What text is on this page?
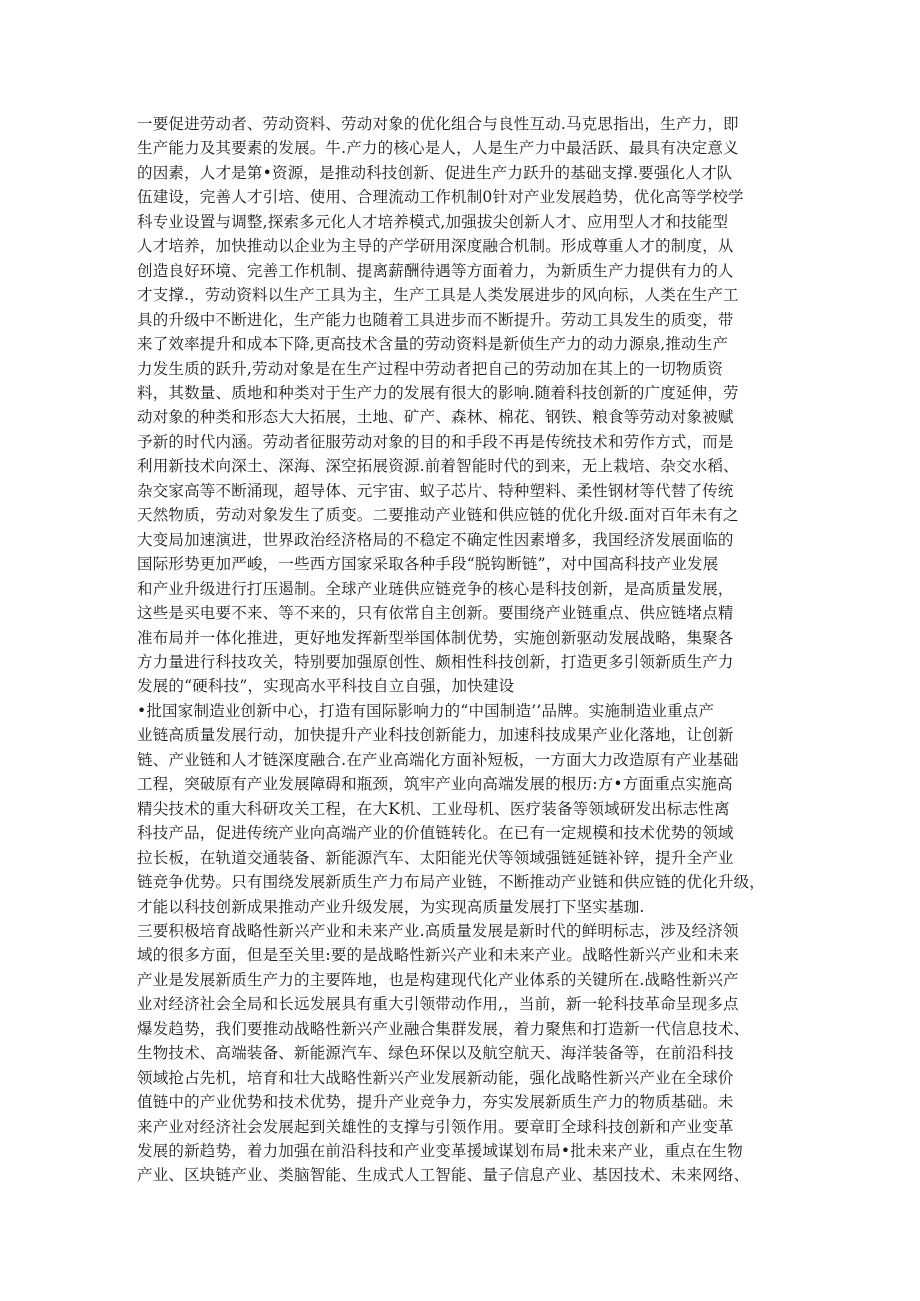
一要促进劳动者、劳动资料、劳动对象的优化组合与良性互动.马克思指出，生产力，即
生产能力及其要素的发展。牛.产力的核心是人，人是生产力中最活跃、最具有决定意义
的因素，人才是第•资源，是推动科技创新、促进生产力跃升的基础支撑.要强化人才队
伍建设，完善人才引培、使用、合理流动工作机制0针对产业发展趋势，优化高等学校学
科专业设置与调整,探索多元化人才培养模式,加强拔尖创新人才、应用型人才和技能型
人才培养，加快推动以企业为主导的产学研用深度融合机制。形成尊重人才的制度，从
创造良好环境、完善工作机制、提离薪酬待遇等方面着力，为新质生产力提供有力的人
才支撑.，劳动资料以生产工具为主，生产工具是人类发展进步的风向标，人类在生产工
具的升级中不断进化，生产能力也随着工具进步而不断提升。劳动工具发生的质变，带
来了效率提升和成本下降,更高技术含量的劳动资料是新侦生产力的动力源泉,推动生产
力发生质的跃升,劳动对象是在生产过程中劳动者把自己的劳动加在其上的一切物质资
料，其数量、质地和种类对于生产力的发展有很大的影响.随着科技创新的广度延伸，劳
动对象的种类和形态大大拓展，土地、矿产、森林、棉花、钢铁、粮食等劳动对象被赋
予新的时代内涵。劳动者征服劳动对象的目的和手段不再是传统技术和劳作方式，而是
利用新技术向深土、深海、深空拓展资源.前着智能时代的到来，无上栽培、杂交水稻、
杂交家高等不断涌现，超导体、元宇宙、蚁子芯片、特种塑料、柔性钢材等代替了传统
天然物质，劳动对象发生了质变。二要推动产业链和供应链的优化升级.面对百年未有之
大变局加速演进，世界政治经济格局的不稳定不确定性因素增多，我国经济发展面临的
国际形势更加严峻，一些西方国家采取各种手段“脱钩断链”，对中国高科技产业发展
和产业升级进行打压遏制。全球产业琏供应链竞争的核心是科技创新，是高质量发展，
这些是买电要不来、等不来的，只有依常自主创新。要围绕产业链重点、供应链堵点精
准布局并一体化推进，更好地发挥新型举国体制优势，实施创新驱动发展战略，集聚各
方力量进行科技攻关，特别要加强原创性、颇相性科技创新，打造更多引领新质生产力
发展的“硬科技”，实现高水平科技自立自强，加快建设
•批国家制造业创新中心，打造有国际影响力的“中国制造’’品牌。实施制造业重点产
业链高质量发展行动，加快提升产业科技创新能力，加速科技成果产业化落地，让创新
链、产业链和人才链深度融合.在产业高端化方面补短板，一方面大力改造原有产业基础
工程，突破原有产业发展障碍和瓶颈，筑牢产业向高端发展的根历:方•方面重点实施高
精尖技术的重大科研攻关工程，在大K机、工业母机、医疗装备等领域研发出标志性离
科技产品，促进传统产业向高端产业的价值链转化。在已有一定规模和技术优势的领域
拉长板，在轨道交通装备、新能源汽车、太阳能光伏等领域强链延链补锌，提升全产业
链竞争优势。只有围绕发展新质生产力布局产业链，不断推动产业链和供应链的优化升级，
才能以科技创新成果推动产业升级发展，为实现高质量发展打下坚实基珈.
三要积极培育战略性新兴产业和未来产业.高质量发展是新时代的鲜明标志，涉及经济领
域的很多方面，但是至关里:要的是战略性新兴产业和未来产业。战略性新兴产业和未来
产业是发展新质生产力的主要阵地，也是构建现代化产业体系的关键所在.战略性新兴产
业对经济社会全局和长远发展具有重大引领带动作用,，当前，新一轮科技革命呈现多点
爆发趋势，我们要推动战略性新兴产业融合集群发展，着力聚焦和打造新一代信息技术、
生物技术、高端装备、新能源汽车、绿色环保以及航空航天、海洋装备等，在前沿科技
领域抢占先机，培育和壮大战略性新兴产业发展新动能，强化战略性新兴产业在全球价
值链中的产业优势和技术优势，提升产业竞争力，夯实发展新质生产力的物质基础。未
来产业对经济社会发展起到关雄性的支撑与引领作用。要章盯全球科技创新和产业变革
发展的新趋势，着力加强在前沿科技和产业变革援域谋划布局•批未来产业，重点在生物
产业、区块链产业、类脑智能、生成式人工智能、量子信息产业、基因技术、未来网络、
